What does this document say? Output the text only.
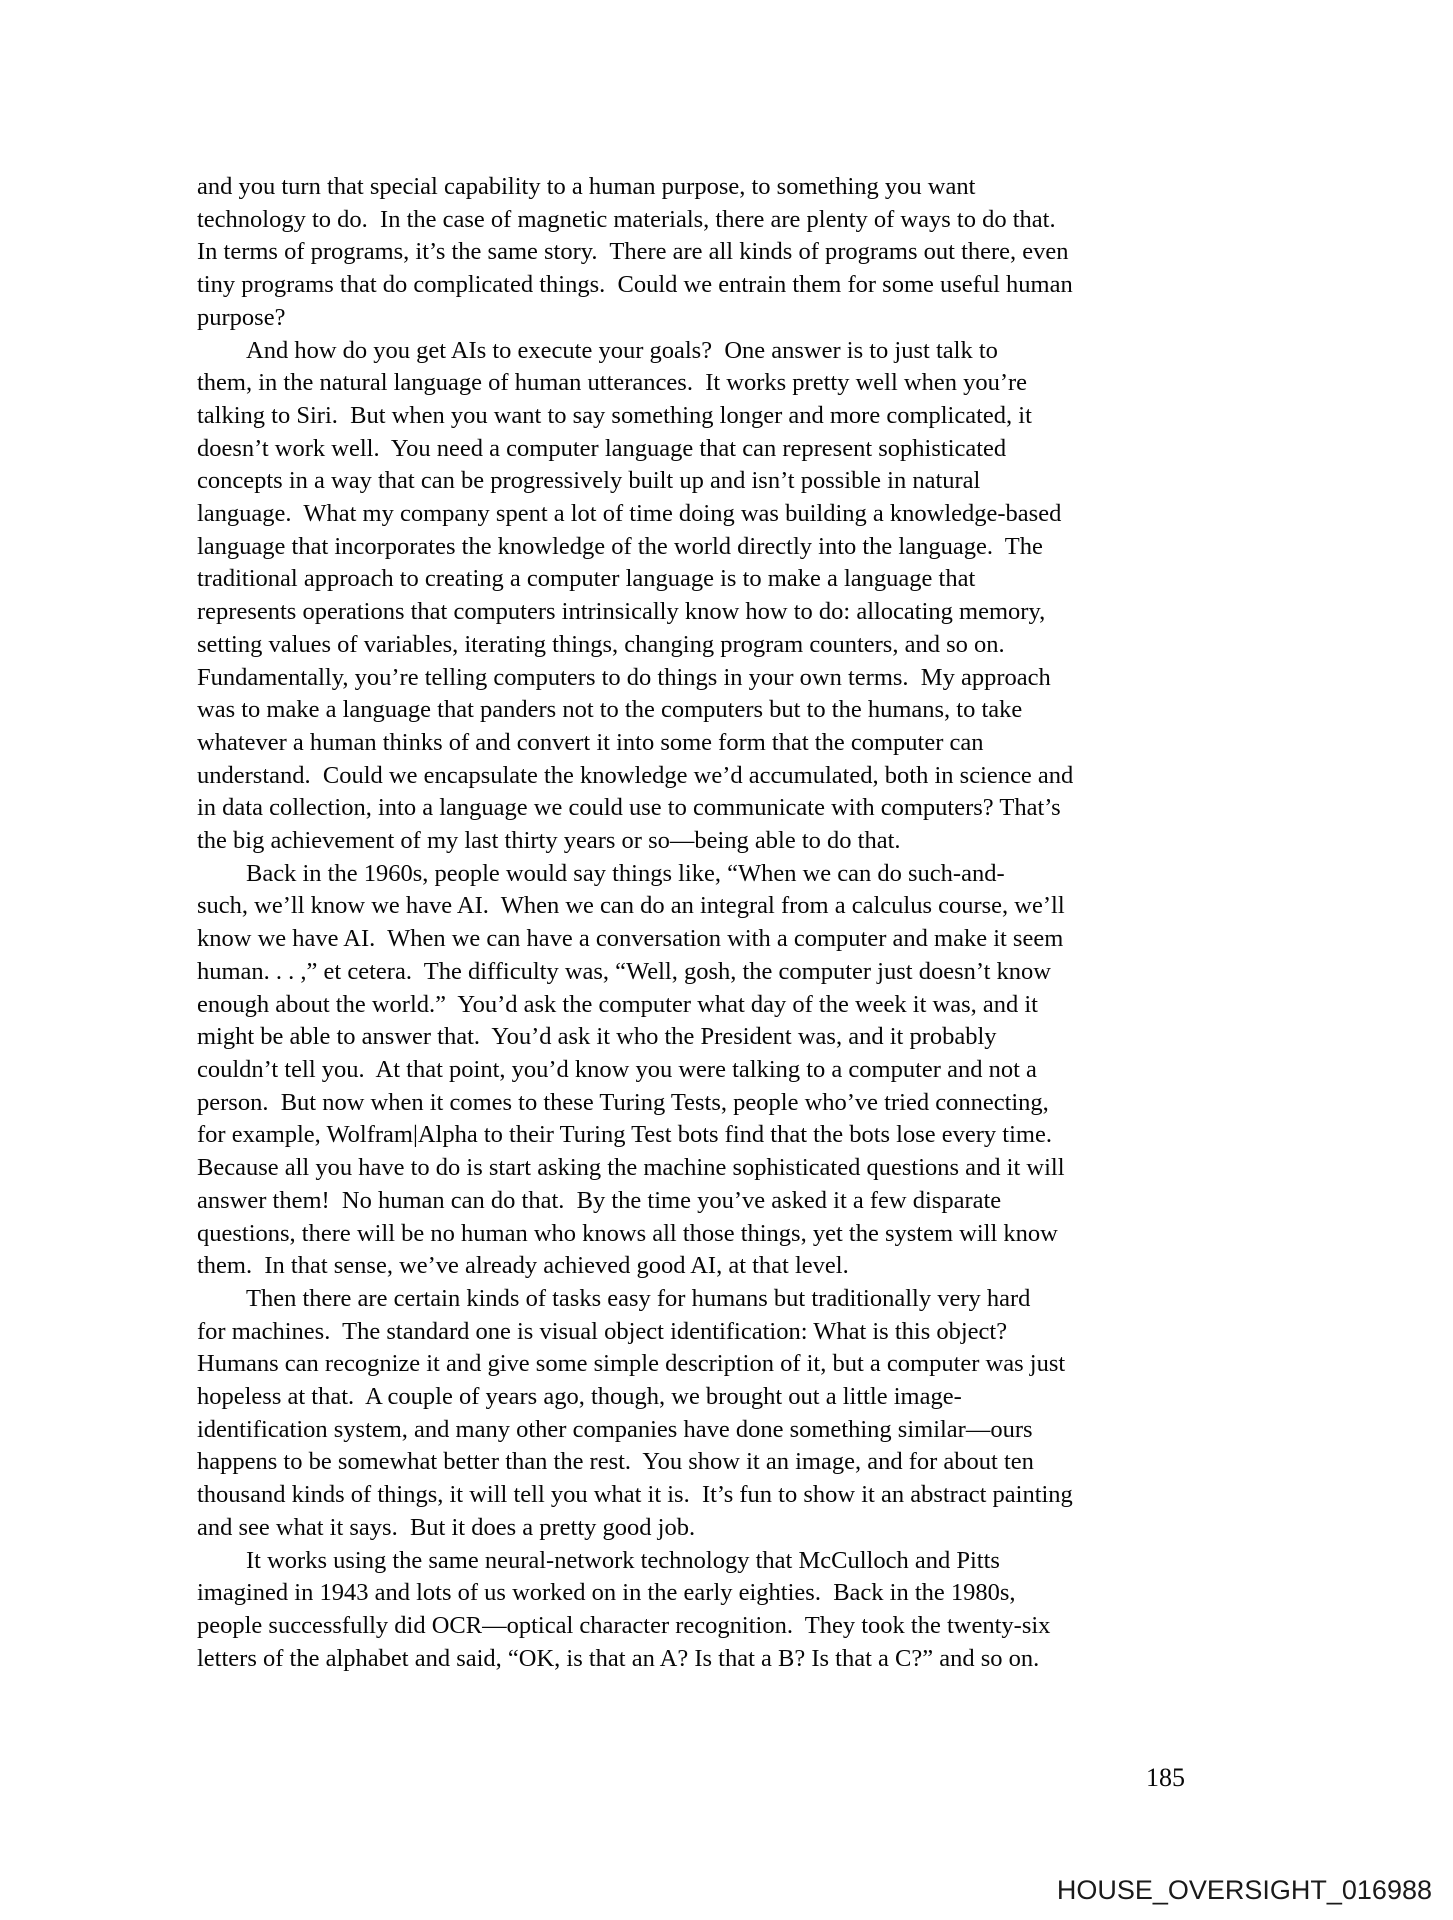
and you turn that special capability to a human purpose, to something you want
technology to do.  In the case of magnetic materials, there are plenty of ways to do that.
In terms of programs, it’s the same story.  There are all kinds of programs out there, even
tiny programs that do complicated things.  Could we entrain them for some useful human
purpose?
And how do you get AIs to execute your goals?  One answer is to just talk to
them, in the natural language of human utterances.  It works pretty well when you’re
talking to Siri.  But when you want to say something longer and more complicated, it
doesn’t work well.  You need a computer language that can represent sophisticated
concepts in a way that can be progressively built up and isn’t possible in natural
language.  What my company spent a lot of time doing was building a knowledge-based
language that incorporates the knowledge of the world directly into the language.  The
traditional approach to creating a computer language is to make a language that
represents operations that computers intrinsically know how to do: allocating memory,
setting values of variables, iterating things, changing program counters, and so on.
Fundamentally, you’re telling computers to do things in your own terms.  My approach
was to make a language that panders not to the computers but to the humans, to take
whatever a human thinks of and convert it into some form that the computer can
understand.  Could we encapsulate the knowledge we’d accumulated, both in science and
in data collection, into a language we could use to communicate with computers? That’s
the big achievement of my last thirty years or so—being able to do that.
Back in the 1960s, people would say things like, “When we can do such-and-
such, we’ll know we have AI.  When we can do an integral from a calculus course, we’ll
know we have AI.  When we can have a conversation with a computer and make it seem
human. . . ,” et cetera.  The difficulty was, “Well, gosh, the computer just doesn’t know
enough about the world.”  You’d ask the computer what day of the week it was, and it
might be able to answer that.  You’d ask it who the President was, and it probably
couldn’t tell you.  At that point, you’d know you were talking to a computer and not a
person.  But now when it comes to these Turing Tests, people who’ve tried connecting,
for example, Wolfram|Alpha to their Turing Test bots find that the bots lose every time.
Because all you have to do is start asking the machine sophisticated questions and it will
answer them!  No human can do that.  By the time you’ve asked it a few disparate
questions, there will be no human who knows all those things, yet the system will know
them.  In that sense, we’ve already achieved good AI, at that level.
Then there are certain kinds of tasks easy for humans but traditionally very hard
for machines.  The standard one is visual object identification: What is this object?
Humans can recognize it and give some simple description of it, but a computer was just
hopeless at that.  A couple of years ago, though, we brought out a little image-
identification system, and many other companies have done something similar—ours
happens to be somewhat better than the rest.  You show it an image, and for about ten
thousand kinds of things, it will tell you what it is.  It’s fun to show it an abstract painting
and see what it says.  But it does a pretty good job.
It works using the same neural-network technology that McCulloch and Pitts
imagined in 1943 and lots of us worked on in the early eighties.  Back in the 1980s,
people successfully did OCR—optical character recognition.  They took the twenty-six
letters of the alphabet and said, “OK, is that an A? Is that a B? Is that a C?” and so on.
185
HOUSE_OVERSIGHT_016988
